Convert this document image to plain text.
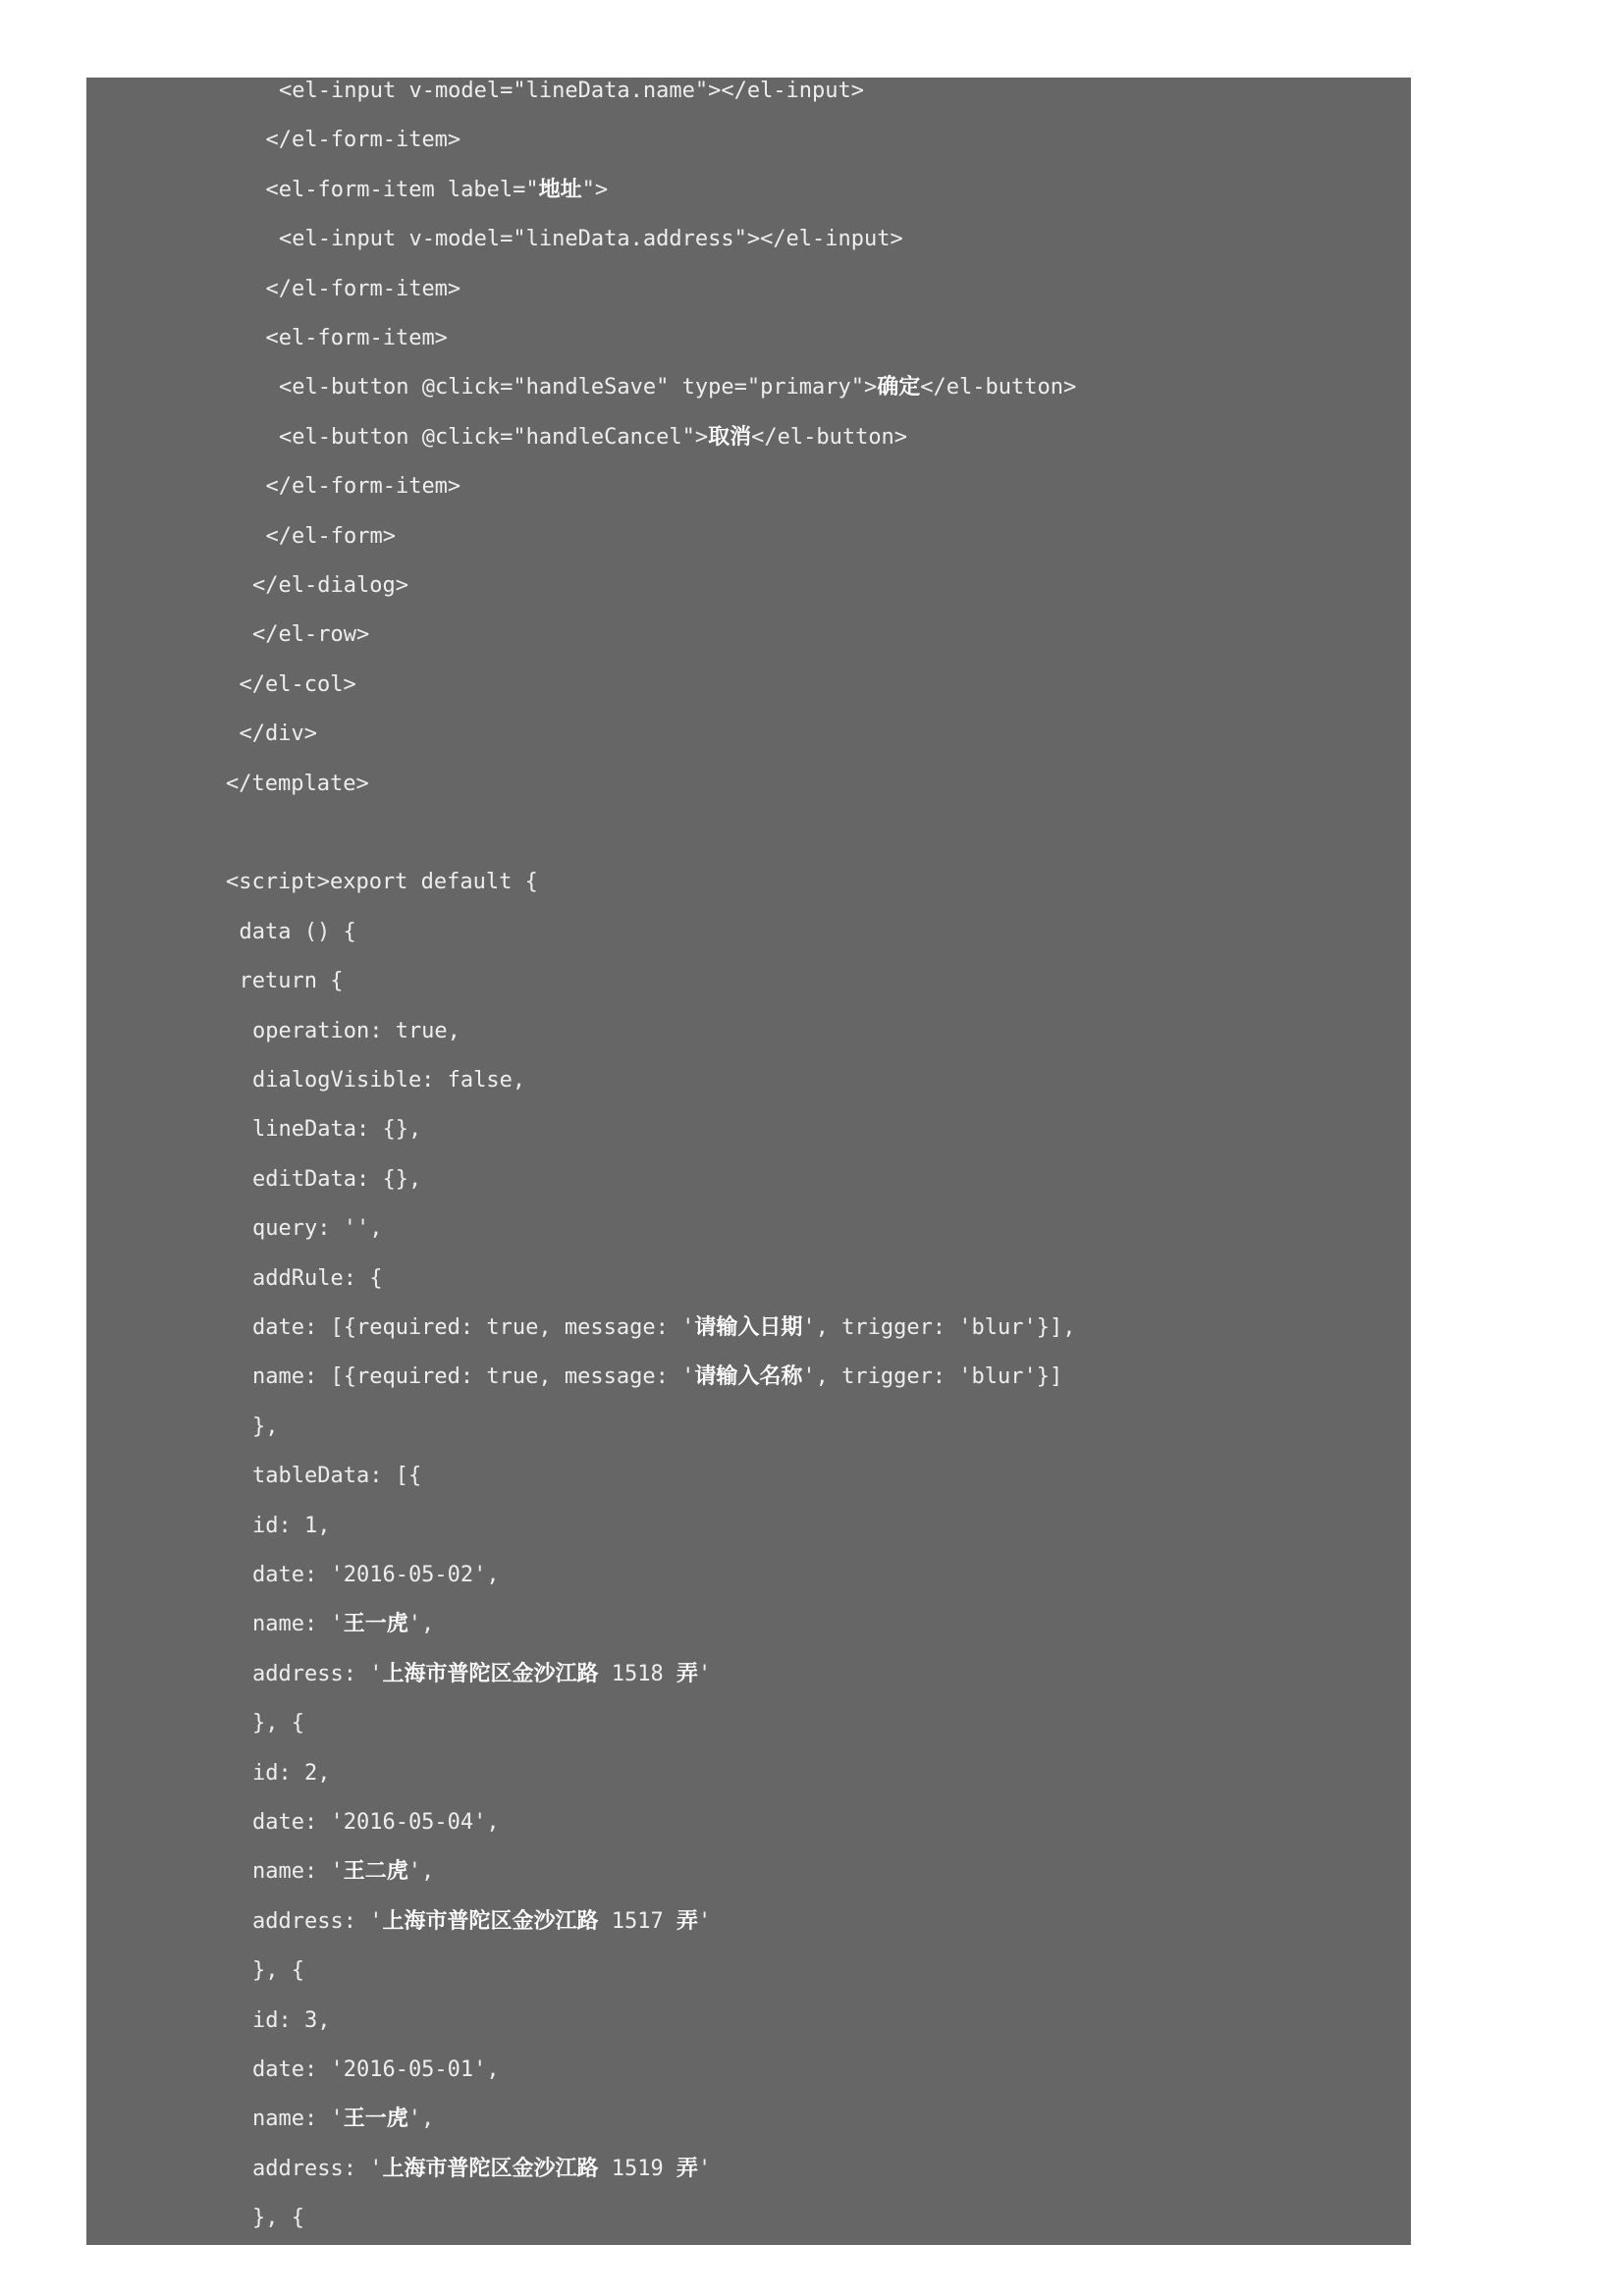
<el-input v-model="lineData.name"></el-input>
</el-form-item>
<el-form-item label="地址">
<el-input v-model="lineData.address"></el-input>
</el-form-item>
<el-form-item>
<el-button @click="handleSave" type="primary">确定</el-button>
<el-button @click="handleCancel">取消</el-button>
</el-form-item>
</el-form>
</el-dialog>
</el-row>
</el-col>
</div>
</template>
<script>export default {
data () {
return {
operation: true,
dialogVisible: false,
lineData: {},
editData: {},
query: '',
addRule: {
date: [{required: true, message: '请输入日期', trigger: 'blur'}],
name: [{required: true, message: '请输入名称', trigger: 'blur'}]
},
tableData: [{
id: 1,
date: '2016-05-02',
name: '王一虎',
address: '上海市普陀区金沙江路 1518 弄'
}, {
id: 2,
date: '2016-05-04',
name: '王二虎',
address: '上海市普陀区金沙江路 1517 弄'
}, {
id: 3,
date: '2016-05-01',
name: '王一虎',
address: '上海市普陀区金沙江路 1519 弄'
}, {
